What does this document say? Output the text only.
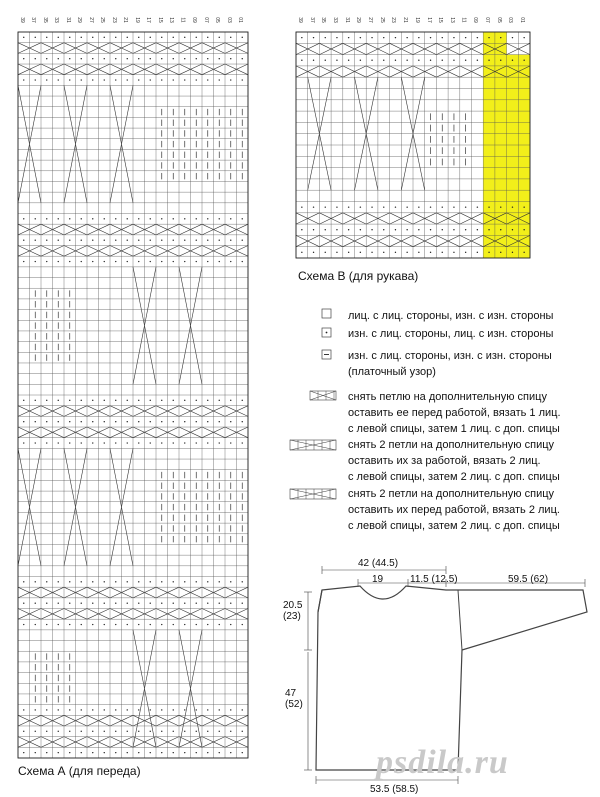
39 37 35 33 31 29 27 25 23 21 19 17 15 13 11 09 07 05 03 01	39 37 35 33 31 29 27 25 23 21 19 17 15 13 11 09 07 05 03 01
Схема А (для переда)
Схема В (для рукава)
лиц. с лиц. стороны, изн. с изн. стороны
изн. с лиц. стороны, лиц. с изн. стороны
изн. с лиц. стороны, изн. с изн. стороны
(платочный узор)
снять петлю на дополнительную спицу
оставить ее перед работой, вязать 1 лиц.
с левой спицы, затем 1 лиц. с доп. спицы
снять 2 петли на дополнительную спицу
оставить их за работой, вязать 2 лиц.
с левой спицы, затем 2 лиц. с доп. спицы
снять 2 петли на дополнительную спицу
оставить их перед работой, вязать 2 лиц.
с левой спицы, затем 2 лиц. с доп. спицы
42 (44.5)
19	11.5 (12.5)	59.5 (62)
20.5
(23)
47
(52)
53.5 (58.5)
psdila.ru
